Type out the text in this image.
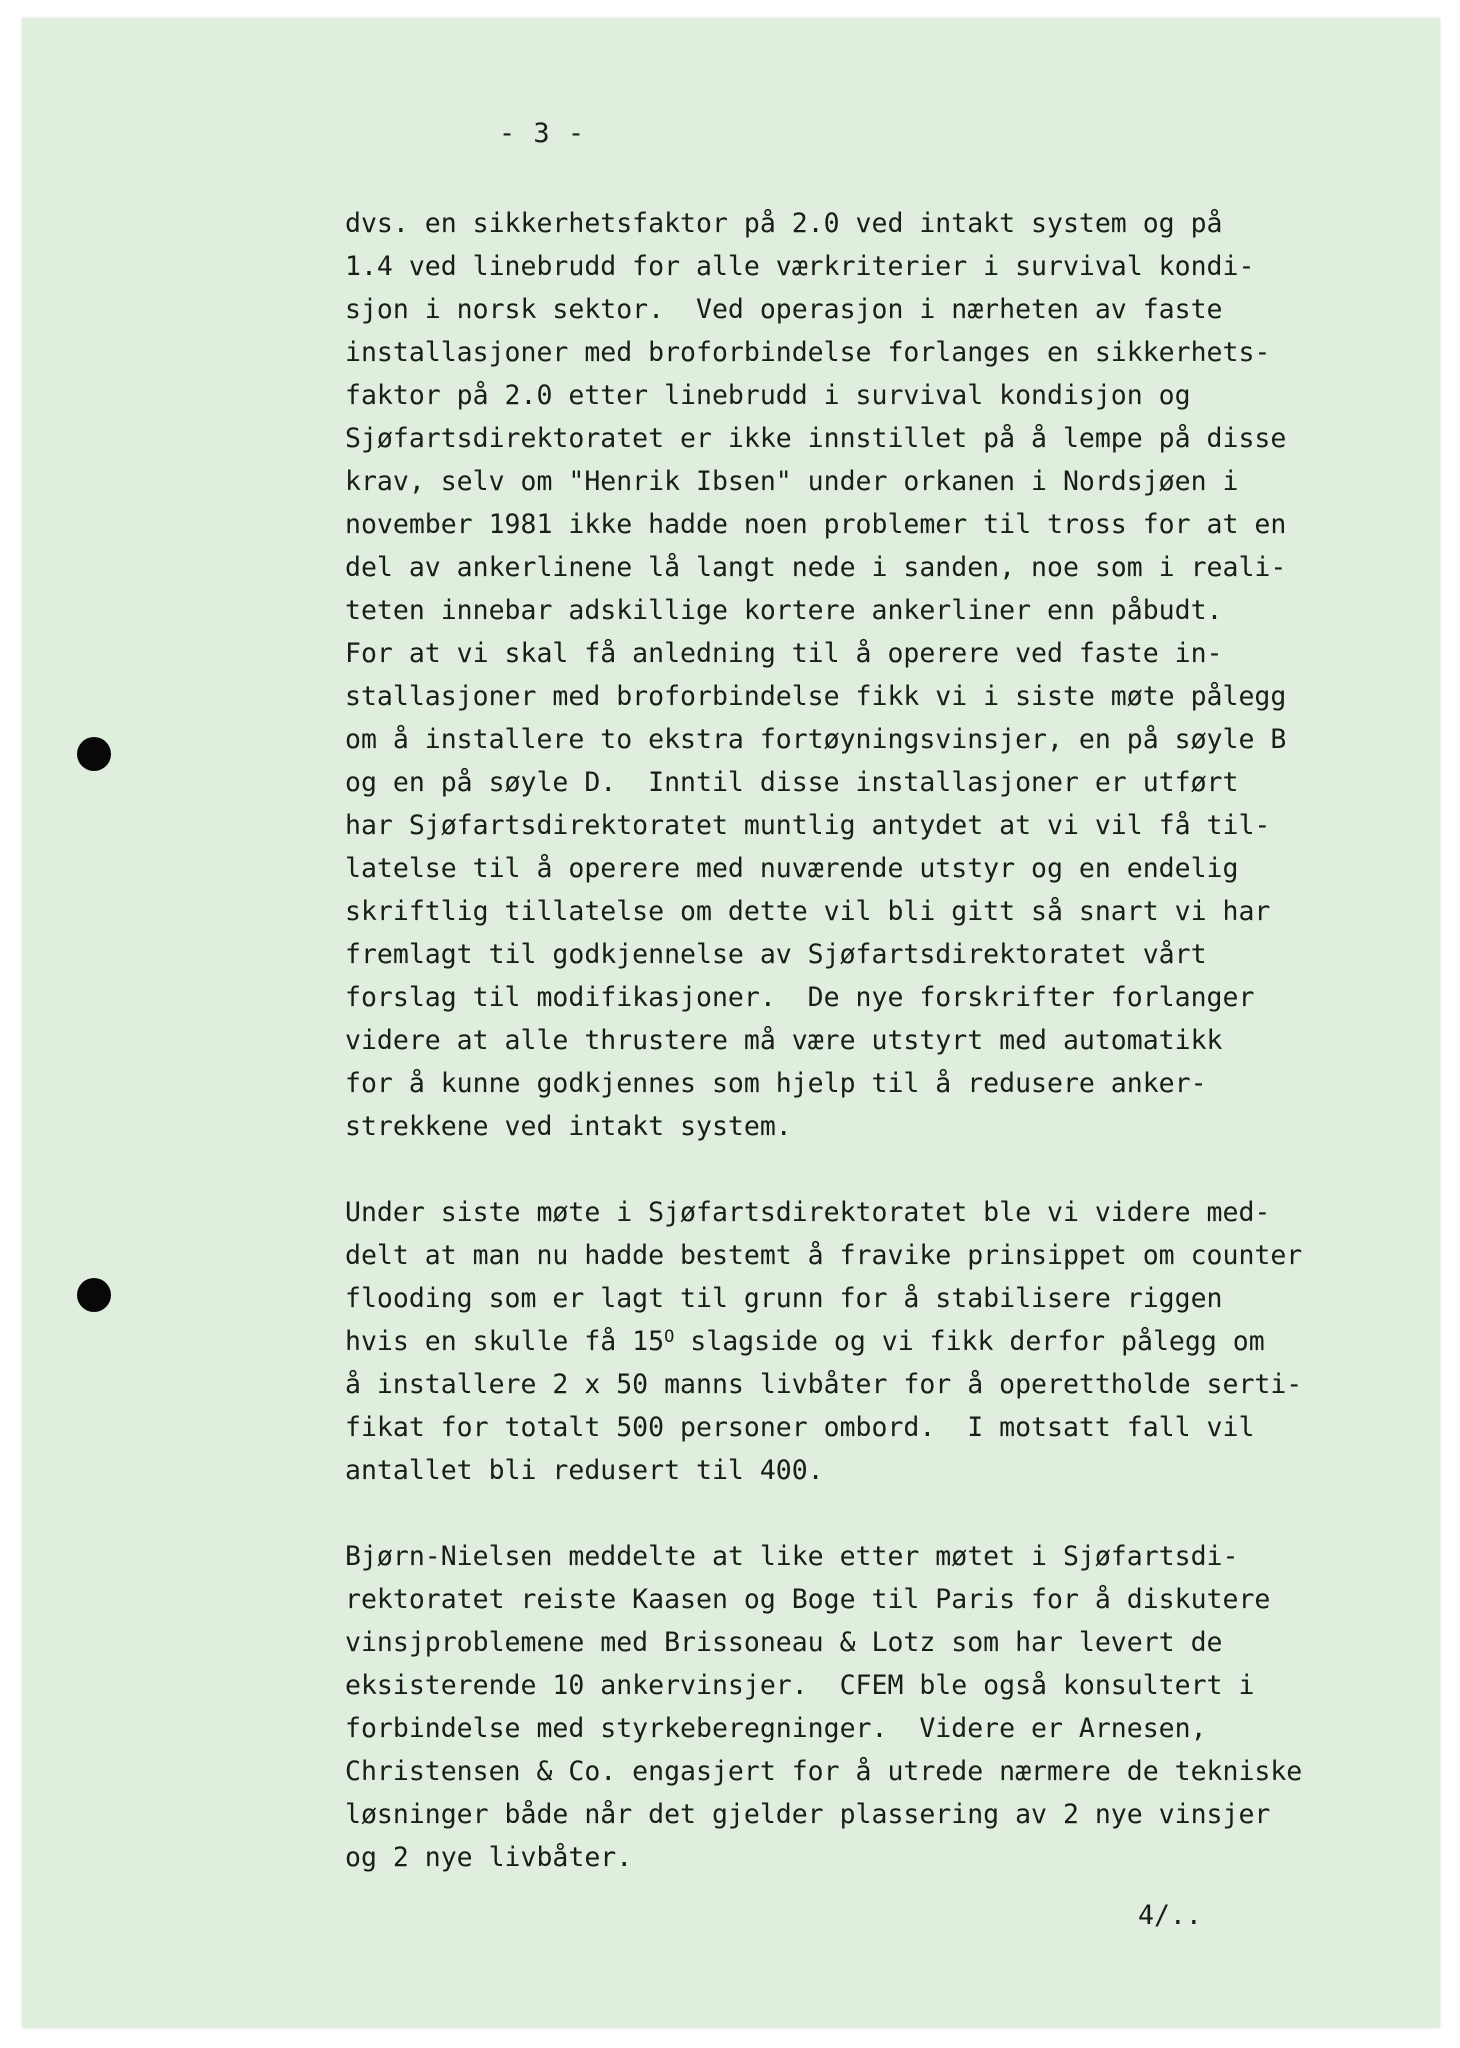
- 3 -
dvs. en sikkerhetsfaktor på 2.0 ved intakt system og på
1.4 ved linebrudd for alle værkriterier i survival kondi-
sjon i norsk sektor.  Ved operasjon i nærheten av faste
installasjoner med broforbindelse forlanges en sikkerhets-
faktor på 2.0 etter linebrudd i survival kondisjon og
Sjøfartsdirektoratet er ikke innstillet på å lempe på disse
krav, selv om "Henrik Ibsen" under orkanen i Nordsjøen i
november 1981 ikke hadde noen problemer til tross for at en
del av ankerlinene lå langt nede i sanden, noe som i reali-
teten innebar adskillige kortere ankerliner enn påbudt.
For at vi skal få anledning til å operere ved faste in-
stallasjoner med broforbindelse fikk vi i siste møte pålegg
om å installere to ekstra fortøyningsvinsjer, en på søyle B
og en på søyle D.  Inntil disse installasjoner er utført
har Sjøfartsdirektoratet muntlig antydet at vi vil få til-
latelse til å operere med nuværende utstyr og en endelig
skriftlig tillatelse om dette vil bli gitt så snart vi har
fremlagt til godkjennelse av Sjøfartsdirektoratet vårt
forslag til modifikasjoner.  De nye forskrifter forlanger
videre at alle thrustere må være utstyrt med automatikk
for å kunne godkjennes som hjelp til å redusere anker-
strekkene ved intakt system.
Under siste møte i Sjøfartsdirektoratet ble vi videre med-
delt at man nu hadde bestemt å fravike prinsippet om counter
flooding som er lagt til grunn for å stabilisere riggen
hvis en skulle få $15^O$ slagside og vi fikk derfor pålegg om
å installere 2 x 50 manns livbåter for å operettholde serti-
fikat for totalt 500 personer ombord.  I motsatt fall vil
antallet bli redusert til 400.
Bjørn-Nielsen meddelte at like etter møtet i Sjøfartsdi-
rektoratet reiste Kaasen og Boge til Paris for å diskutere
vinsjproblemene med Brissoneau & Lotz som har levert de
eksisterende 10 ankervinsjer.  CFEM ble også konsultert i
forbindelse med styrkeberegninger.  Videre er Arnesen,
Christensen & Co. engasjert for å utrede nærmere de tekniske
løsninger både når det gjelder plassering av 2 nye vinsjer
og 2 nye livbåter.
4/..
